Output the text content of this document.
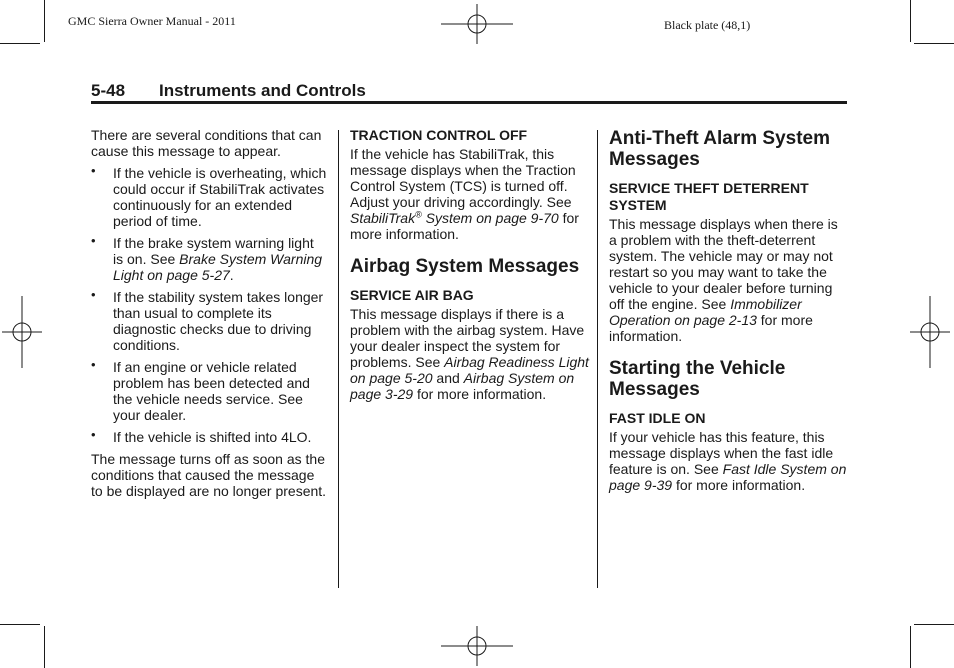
GMC Sierra Owner Manual - 2011	Black plate (48,1)
5-48 Instruments and Controls

There are several conditions that can cause this message to appear.

• If the vehicle is overheating, which could occur if StabiliTrak activates continuously for an extended period of time.
• If the brake system warning light is on. See Brake System Warning Light on page 5-27.
• If the stability system takes longer than usual to complete its diagnostic checks due to driving conditions.
• If an engine or vehicle related problem has been detected and the vehicle needs service. See your dealer.
• If the vehicle is shifted into 4LO.

The message turns off as soon as the conditions that caused the message to be displayed are no longer present.

TRACTION CONTROL OFF

If the vehicle has StabiliTrak, this message displays when the Traction Control System (TCS) is turned off. Adjust your driving accordingly. See StabiliTrak® System on page 9-70 for more information.

Airbag System Messages
SERVICE AIR BAG

This message displays if there is a problem with the airbag system. Have your dealer inspect the system for problems. See Airbag Readiness Light on page 5-20 and Airbag System on page 3-29 for more information.

Anti-Theft Alarm System Messages
SERVICE THEFT DETERRENT SYSTEM

This message displays when there is a problem with the theft-deterrent system. The vehicle may or may not restart so you may want to take the vehicle to your dealer before turning off the engine. See Immobilizer Operation on page 2-13 for more information.

Starting the Vehicle Messages
FAST IDLE ON

If your vehicle has this feature, this message displays when the fast idle feature is on. See Fast Idle System on page 9-39 for more information.
